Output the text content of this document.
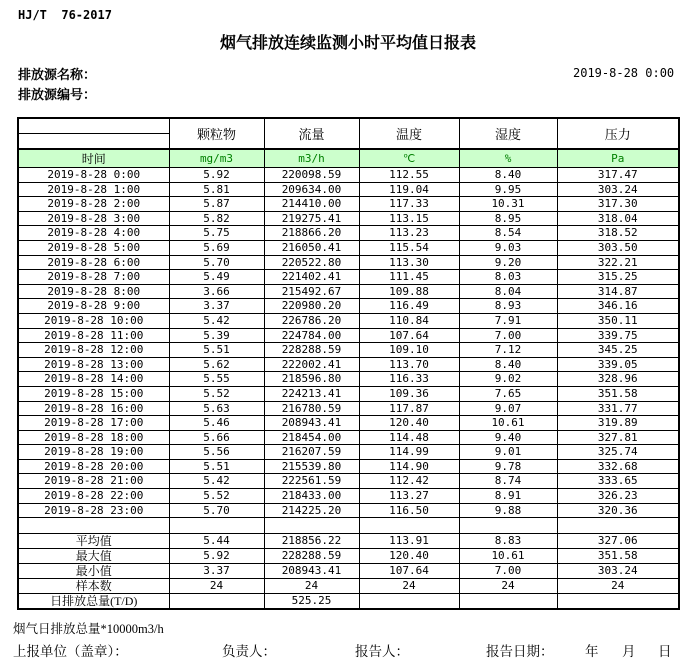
HJ/T  76-2017
烟气排放连续监测小时平均值日报表
排放源名称：	2019-8-28 0:00
排放源编号：
	颗粒物	流量	温度	湿度	压力
时间	mg/m3	m3/h	℃	%	Pa
2019-8-28 0:00	5.92	220098.59	112.55	8.40	317.47
2019-8-28 1:00	5.81	209634.00	119.04	9.95	303.24
2019-8-28 2:00	5.87	214410.00	117.33	10.31	317.30
2019-8-28 3:00	5.82	219275.41	113.15	8.95	318.04
2019-8-28 4:00	5.75	218866.20	113.23	8.54	318.52
2019-8-28 5:00	5.69	216050.41	115.54	9.03	303.50
2019-8-28 6:00	5.70	220522.80	113.30	9.20	322.21
2019-8-28 7:00	5.49	221402.41	111.45	8.03	315.25
2019-8-28 8:00	3.66	215492.67	109.88	8.04	314.87
2019-8-28 9:00	3.37	220980.20	116.49	8.93	346.16
2019-8-28 10:00	5.42	226786.20	110.84	7.91	350.11
2019-8-28 11:00	5.39	224784.00	107.64	7.00	339.75
2019-8-28 12:00	5.51	228288.59	109.10	7.12	345.25
2019-8-28 13:00	5.62	222002.41	113.70	8.40	339.05
2019-8-28 14:00	5.55	218596.80	116.33	9.02	328.96
2019-8-28 15:00	5.52	224213.41	109.36	7.65	351.58
2019-8-28 16:00	5.63	216780.59	117.87	9.07	331.77
2019-8-28 17:00	5.46	208943.41	120.40	10.61	319.89
2019-8-28 18:00	5.66	218454.00	114.48	9.40	327.81
2019-8-28 19:00	5.56	216207.59	114.99	9.01	325.74
2019-8-28 20:00	5.51	215539.80	114.90	9.78	332.68
2019-8-28 21:00	5.42	222561.59	112.42	8.74	333.65
2019-8-28 22:00	5.52	218433.00	113.27	8.91	326.23
2019-8-28 23:00	5.70	214225.20	116.50	9.88	320.36

平均值	5.44	218856.22	113.91	8.83	327.06
最大值	5.92	228288.59	120.40	10.61	351.58
最小值	3.37	208943.41	107.64	7.00	303.24
样本数	24	24	24	24	24
日排放总量(T/D)		525.25			
烟气日排放总量*10000m3/h
上报单位（盖章）：	负责人：	报告人：	报告日期： 年 月 日
